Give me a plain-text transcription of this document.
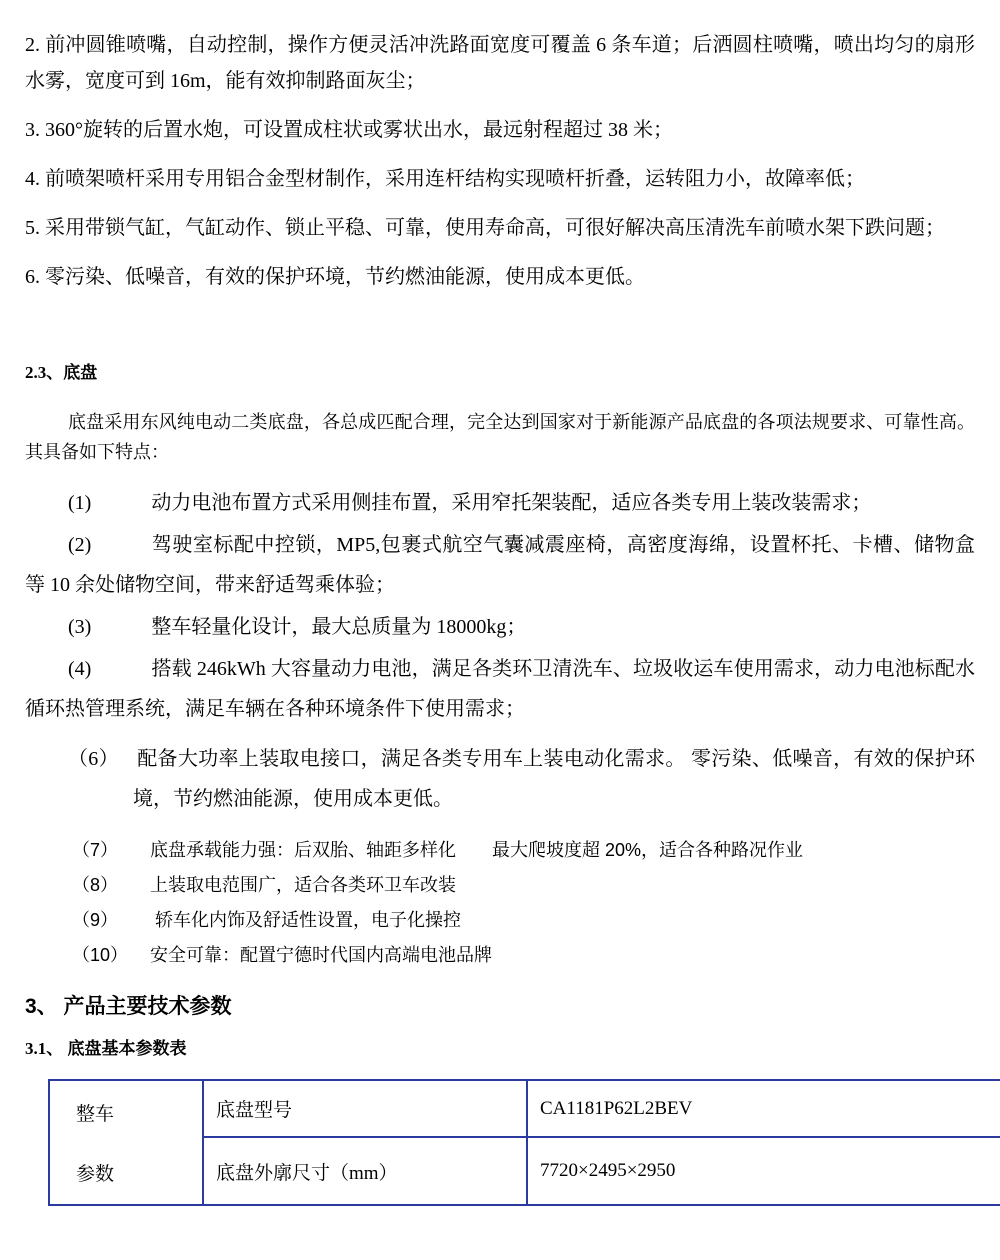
2. 前冲圆锥喷嘴，自动控制，操作方便灵活冲洗路面宽度可覆盖 6 条车道；后洒圆柱喷嘴，喷出均匀的扇形水雾，宽度可到 16m，能有效抑制路面灰尘；

3. 360°旋转的后置水炮，可设置成柱状或雾状出水，最远射程超过 38 米；

4. 前喷架喷杆采用专用铝合金型材制作，采用连杆结构实现喷杆折叠，运转阻力小，故障率低；

5. 采用带锁气缸，气缸动作、锁止平稳、可靠，使用寿命高，可很好解决高压清洗车前喷水架下跌问题；

6. 零污染、低噪音，有效的保护环境，节约燃油能源，使用成本更低。

2.3、底盘

底盘采用东风纯电动二类底盘，各总成匹配合理，完全达到国家对于新能源产品底盘的各项法规要求、可靠性高。其具备如下特点：

(1)	动力电池布置方式采用侧挂布置，采用窄托架装配，适应各类专用上装改装需求；
(2)	驾驶室标配中控锁，MP5,包裹式航空气囊减震座椅，高密度海绵，设置杯托、卡槽、储物盒等 10 余处储物空间，带来舒适驾乘体验；
(3)	整车轻量化设计，最大总质量为 18000kg；
(4)	搭载 246kWh 大容量动力电池，满足各类环卫清洗车、垃圾收运车使用需求，动力电池标配水循环热管理系统，满足车辆在各种环境条件下使用需求；
（6） 配备大功率上装取电接口，满足各类专用车上装电动化需求。 零污染、低噪音，有效的保护环境，节约燃油能源，使用成本更低。
（7） 底盘承载能力强：后双胎、轴距多样化　　最大爬坡度超 20%，适合各种路况作业
（8） 上装取电范围广，适合各类环卫车改装
（9） 轿车化内饰及舒适性设置，电子化操控
（10） 安全可靠：配置宁德时代国内高端电池品牌
3、 产品主要技术参数
3.1、 底盘基本参数表
整车
参数	底盘型号	CA1181P62L2BEV
	底盘外廓尺寸（mm）	7720×2495×2950
